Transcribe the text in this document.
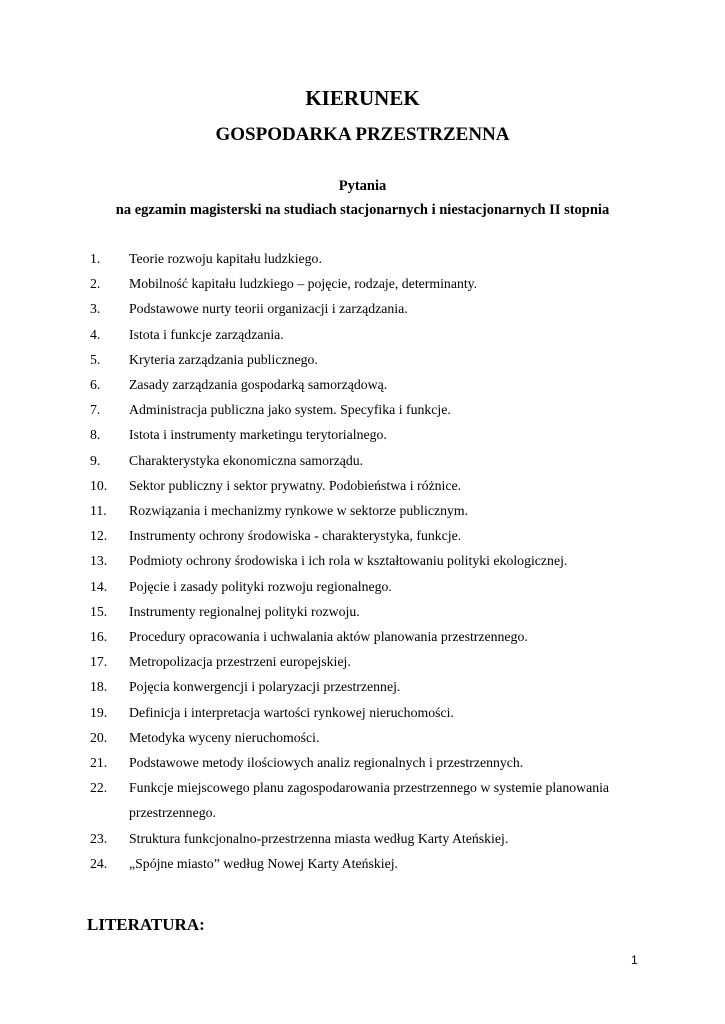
KIERUNEK
GOSPODARKA PRZESTRZENNA
Pytania
na egzamin magisterski na studiach stacjonarnych i niestacjonarnych II stopnia
1.	Teorie rozwoju kapitału ludzkiego.
2.	Mobilność kapitału ludzkiego – pojęcie, rodzaje, determinanty.
3.	Podstawowe nurty teorii organizacji i zarządzania.
4.	Istota i funkcje zarządzania.
5.	Kryteria zarządzania publicznego.
6.	Zasady zarządzania gospodarką samorządową.
7.	Administracja publiczna jako system. Specyfika i funkcje.
8.	Istota i instrumenty marketingu terytorialnego.
9.	Charakterystyka ekonomiczna samorządu.
10.	Sektor publiczny i sektor prywatny. Podobieństwa i różnice.
11.	Rozwiązania i mechanizmy rynkowe w sektorze publicznym.
12.	Instrumenty ochrony środowiska - charakterystyka, funkcje.
13.	Podmioty ochrony środowiska i ich rola w kształtowaniu polityki ekologicznej.
14.	Pojęcie i zasady polityki rozwoju regionalnego.
15.	Instrumenty regionalnej polityki rozwoju.
16.	Procedury opracowania i uchwalania aktów planowania przestrzennego.
17.	Metropolizacja przestrzeni europejskiej.
18.	Pojęcia konwergencji i polaryzacji przestrzennej.
19.	Definicja i interpretacja wartości rynkowej nieruchomości.
20.	Metodyka wyceny nieruchomości.
21.	Podstawowe metody ilościowych analiz regionalnych i przestrzennych.
22.	Funkcje miejscowego planu zagospodarowania przestrzennego w systemie planowania przestrzennego.
23.	Struktura funkcjonalno-przestrzenna miasta według Karty Ateńskiej.
24.	„Spójne miasto” według Nowej Karty Ateńskiej.
LITERATURA:
1
